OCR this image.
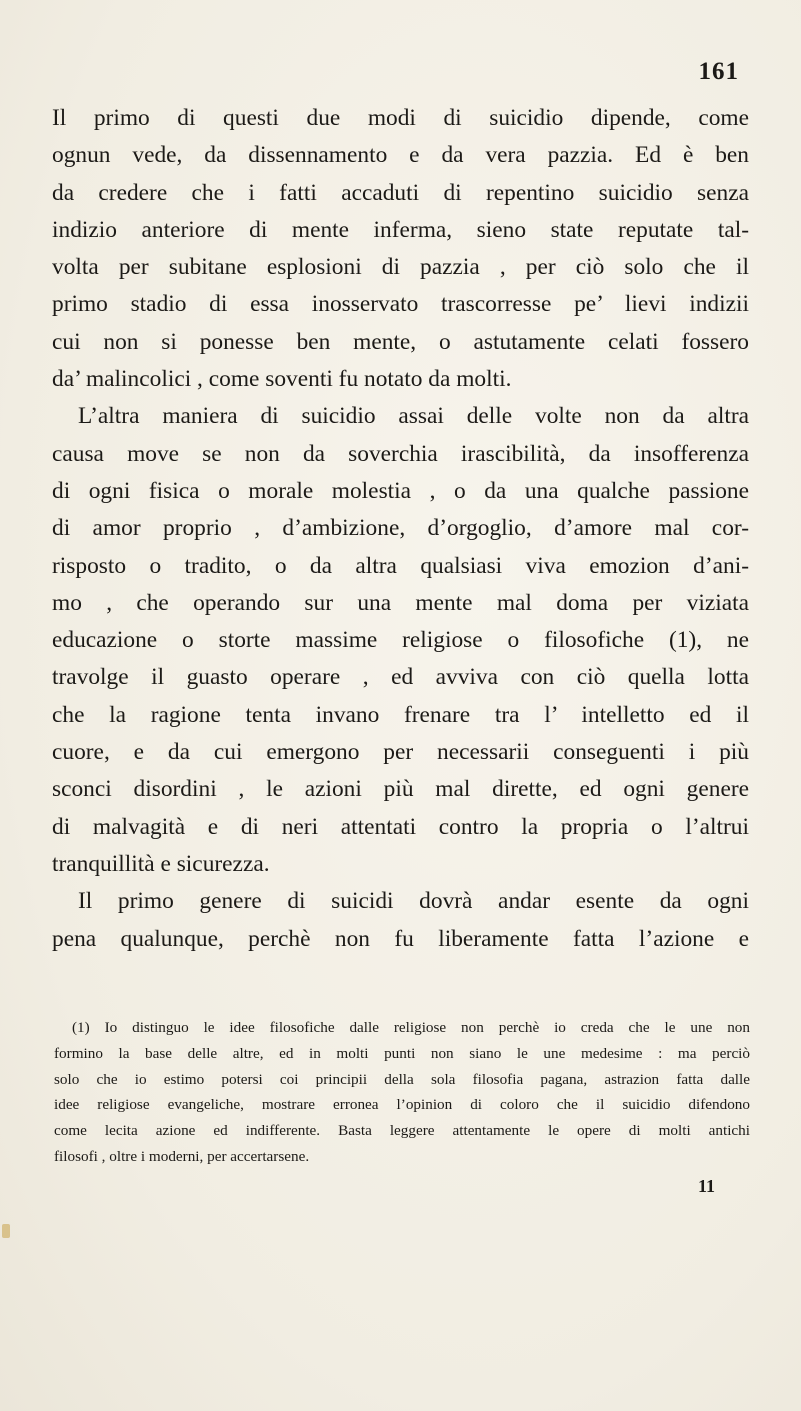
161
Il primo di questi due modi di suicidio dipende, come
ognun vede, da dissennamento e da vera pazzia. Ed è ben
da credere che i fatti accaduti di repentino suicidio senza
indizio anteriore di mente inferma, sieno state reputate tal-
volta per subitane esplosioni di pazzia , per ciò solo che il
primo stadio di essa inosservato trascorresse pe’ lievi indizii
cui non si ponesse ben mente, o astutamente celati fossero
da’ malincolici , come soventi fu notato da molti.
L’altra maniera di suicidio assai delle volte non da altra
causa move se non da soverchia irascibilità, da insofferenza
di ogni fisica o morale molestia , o da una qualche passione
di amor proprio , d’ambizione, d’orgoglio, d’amore mal cor-
risposto o tradito, o da altra qualsiasi viva emozion d’ani-
mo , che operando sur una mente mal doma per viziata
educazione o storte massime religiose o filosofiche (1), ne
travolge il guasto operare , ed avviva con ciò quella lotta
che la ragione tenta invano frenare tra l’ intelletto ed il
cuore, e da cui emergono per necessarii conseguenti i più
sconci disordini , le azioni più mal dirette, ed ogni genere
di malvagità e di neri attentati contro la propria o l’altrui
tranquillità e sicurezza.
Il primo genere di suicidi dovrà andar esente da ogni
pena qualunque, perchè non fu liberamente fatta l’azione e
(1) Io distinguo le idee filosofiche dalle religiose non perchè io creda che le une non
formino la base delle altre, ed in molti punti non siano le une medesime : ma perciò
solo che io estimo potersi coi principii della sola filosofia pagana, astrazion fatta dalle
idee religiose evangeliche, mostrare erronea l’opinion di coloro che il suicidio difendono
come lecita azione ed indifferente. Basta leggere attentamente le opere di molti antichi
filosofi , oltre i moderni, per accertarsene.
11
